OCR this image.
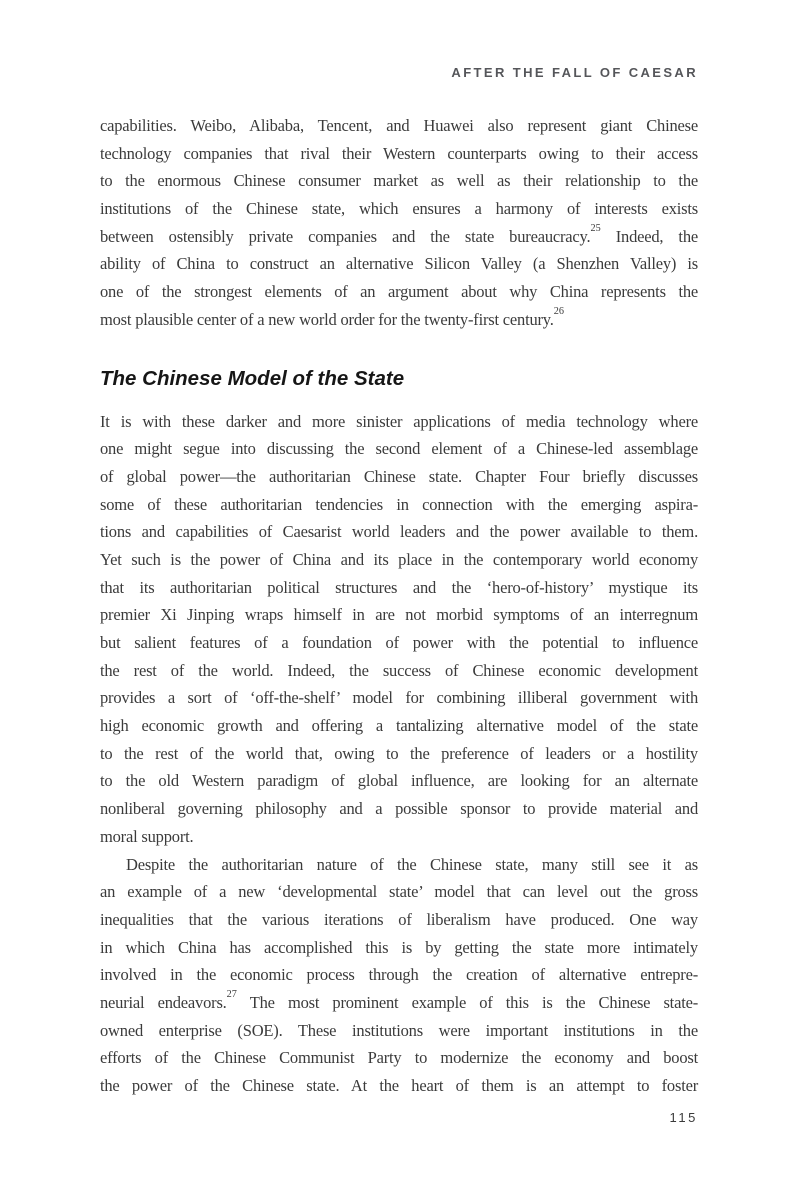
AFTER THE FALL OF CAESAR
capabilities. Weibo, Alibaba, Tencent, and Huawei also represent giant Chinese
technology companies that rival their Western counterparts owing to their access
to the enormous Chinese consumer market as well as their relationship to the
institutions of the Chinese state, which ensures a harmony of interests exists
between ostensibly private companies and the state bureaucracy.$^{25}$ Indeed, the
ability of China to construct an alternative Silicon Valley (a Shenzhen Valley) is
one of the strongest elements of an argument about why China represents the
most plausible center of a new world order for the twenty-first century.$^{26}$
The Chinese Model of the State
It is with these darker and more sinister applications of media technology where
one might segue into discussing the second element of a Chinese-led assemblage
of global power—the authoritarian Chinese state. Chapter Four briefly discusses
some of these authoritarian tendencies in connection with the emerging aspira-
tions and capabilities of Caesarist world leaders and the power available to them.
Yet such is the power of China and its place in the contemporary world economy
that its authoritarian political structures and the ‘hero-of-history’ mystique its
premier Xi Jinping wraps himself in are not morbid symptoms of an interregnum
but salient features of a foundation of power with the potential to influence
the rest of the world. Indeed, the success of Chinese economic development
provides a sort of ‘off-the-shelf’ model for combining illiberal government with
high economic growth and offering a tantalizing alternative model of the state
to the rest of the world that, owing to the preference of leaders or a hostility
to the old Western paradigm of global influence, are looking for an alternate
nonliberal governing philosophy and a possible sponsor to provide material and
moral support.
Despite the authoritarian nature of the Chinese state, many still see it as
an example of a new ‘developmental state’ model that can level out the gross
inequalities that the various iterations of liberalism have produced. One way
in which China has accomplished this is by getting the state more intimately
involved in the economic process through the creation of alternative entrepre-
neurial endeavors.$^{27}$ The most prominent example of this is the Chinese state-
owned enterprise (SOE). These institutions were important institutions in the
efforts of the Chinese Communist Party to modernize the economy and boost
the power of the Chinese state. At the heart of them is an attempt to foster
115
